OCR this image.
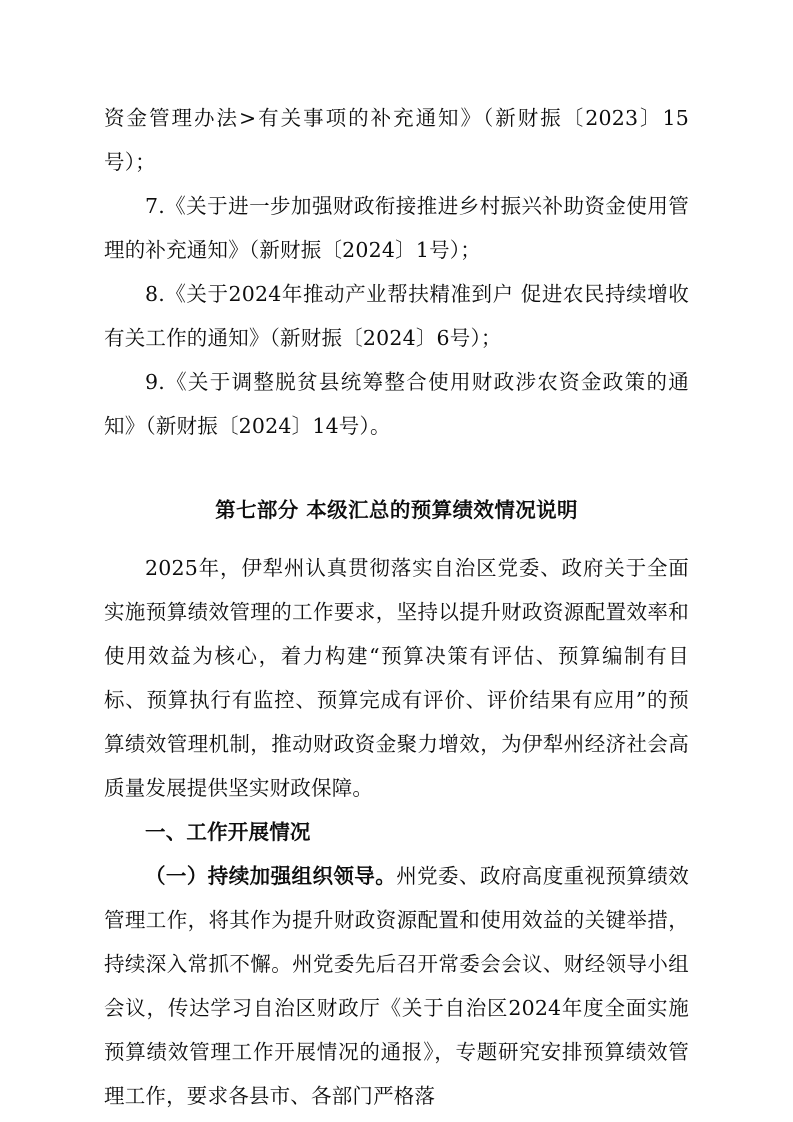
资金管理办法>有关事项的补充通知》（新财振〔2023〕15号）；

7.《关于进一步加强财政衔接推进乡村振兴补助资金使用管理的补充通知》（新财振〔2024〕1号）；

8.《关于2024年推动产业帮扶精准到户 促进农民持续增收有关工作的通知》（新财振〔2024〕6号）；

9.《关于调整脱贫县统筹整合使用财政涉农资金政策的通知》（新财振〔2024〕14号）。

第七部分 本级汇总的预算绩效情况说明

2025年，伊犁州认真贯彻落实自治区党委、政府关于全面实施预算绩效管理的工作要求，坚持以提升财政资源配置效率和使用效益为核心，着力构建“预算决策有评估、预算编制有目标、预算执行有监控、预算完成有评价、评价结果有应用”的预算绩效管理机制，推动财政资金聚力增效，为伊犁州经济社会高质量发展提供坚实财政保障。

一、工作开展情况

（一）持续加强组织领导。州党委、政府高度重视预算绩效管理工作，将其作为提升财政资源配置和使用效益的关键举措，持续深入常抓不懈。州党委先后召开常委会会议、财经领导小组会议，传达学习自治区财政厅《关于自治区2024年度全面实施预算绩效管理工作开展情况的通报》，专题研究安排预算绩效管理工作，要求各县市、各部门严格落
